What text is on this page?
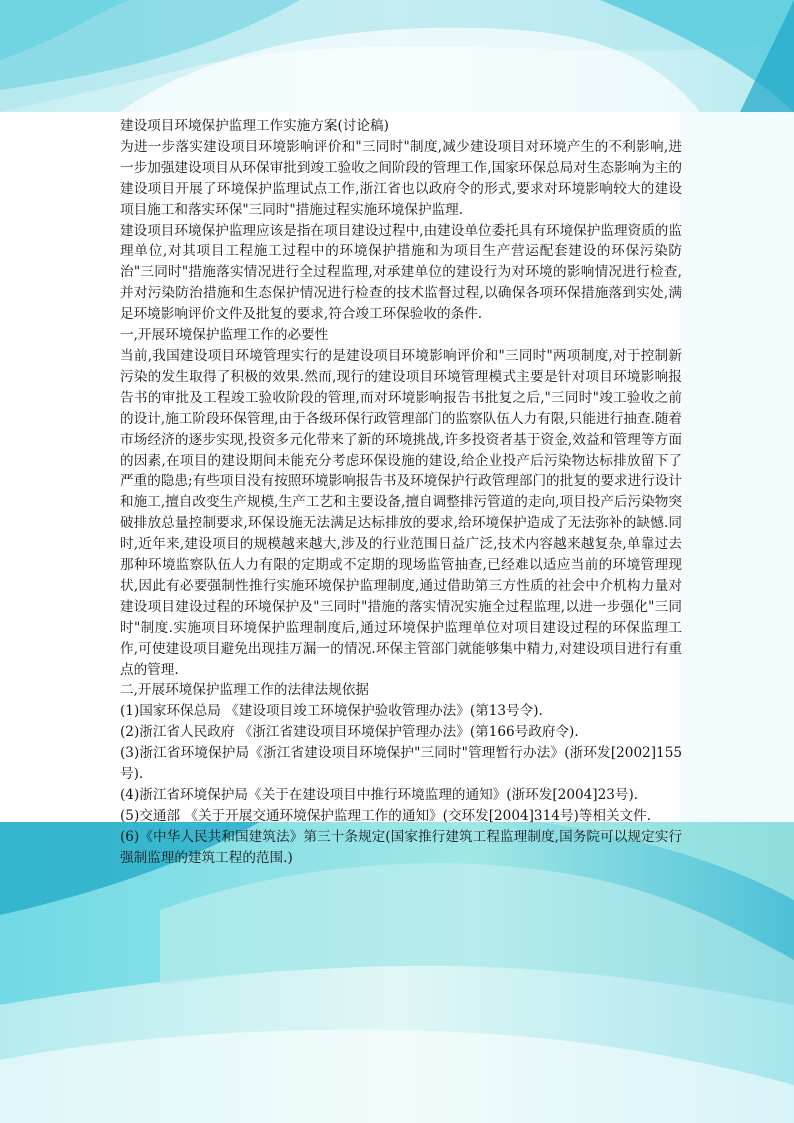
建设项目环境保护监理工作实施方案(讨论稿)

为进一步落实建设项目环境影响评价和"三同时"制度,减少建设项目对环境产生的不利影响,进一步加强建设项目从环保审批到竣工验收之间阶段的管理工作,国家环保总局对生态影响为主的建设项目开展了环境保护监理试点工作,浙江省也以政府令的形式,要求对环境影响较大的建设项目施工和落实环保"三同时"措施过程实施环境保护监理.

建设项目环境保护监理应该是指在项目建设过程中,由建设单位委托具有环境保护监理资质的监理单位,对其项目工程施工过程中的环境保护措施和为项目生产营运配套建设的环保污染防治"三同时"措施落实情况进行全过程监理,对承建单位的建设行为对环境的影响情况进行检查,并对污染防治措施和生态保护情况进行检查的技术监督过程,以确保各项环保措施落到实处,满足环境影响评价文件及批复的要求,符合竣工环保验收的条件.

一,开展环境保护监理工作的必要性

当前,我国建设项目环境管理实行的是建设项目环境影响评价和"三同时"两项制度,对于控制新污染的发生取得了积极的效果.然而,现行的建设项目环境管理模式主要是针对项目环境影响报告书的审批及工程竣工验收阶段的管理,而对环境影响报告书批复之后,"三同时"竣工验收之前的设计,施工阶段环保管理,由于各级环保行政管理部门的监察队伍人力有限,只能进行抽查.随着市场经济的逐步实现,投资多元化带来了新的环境挑战,许多投资者基于资金,效益和管理等方面的因素,在项目的建设期间未能充分考虑环保设施的建设,给企业投产后污染物达标排放留下了严重的隐患;有些项目没有按照环境影响报告书及环境保护行政管理部门的批复的要求进行设计和施工,擅自改变生产规模,生产工艺和主要设备,擅自调整排污管道的走向,项目投产后污染物突破排放总量控制要求,环保设施无法满足达标排放的要求,给环境保护造成了无法弥补的缺憾.同时,近年来,建设项目的规模越来越大,涉及的行业范围日益广泛,技术内容越来越复杂,单靠过去那种环境监察队伍人力有限的定期或不定期的现场监管抽查,已经难以适应当前的环境管理现状,因此有必要强制性推行实施环境保护监理制度,通过借助第三方性质的社会中介机构力量对建设项目建设过程的环境保护及"三同时"措施的落实情况实施全过程监理,以进一步强化"三同时"制度.实施项目环境保护监理制度后,通过环境保护监理单位对项目建设过程的环保监理工作,可使建设项目避免出现挂万漏一的情况.环保主管部门就能够集中精力,对建设项目进行有重点的管理.

二,开展环境保护监理工作的法律法规依据

(1)国家环保总局 《建设项目竣工环境保护验收管理办法》(第13号令).

(2)浙江省人民政府 《浙江省建设项目环境保护管理办法》(第166号政府令).

(3)浙江省环境保护局《浙江省建设项目环境保护"三同时"管理暂行办法》(浙环发[2002]155号).

(4)浙江省环境保护局《关于在建设项目中推行环境监理的通知》(浙环发[2004]23号).

(5)交通部 《关于开展交通环境保护监理工作的通知》(交环发[2004]314号)等相关文件.

(6)《中华人民共和国建筑法》第三十条规定(国家推行建筑工程监理制度,国务院可以规定实行强制监理的建筑工程的范围.)
